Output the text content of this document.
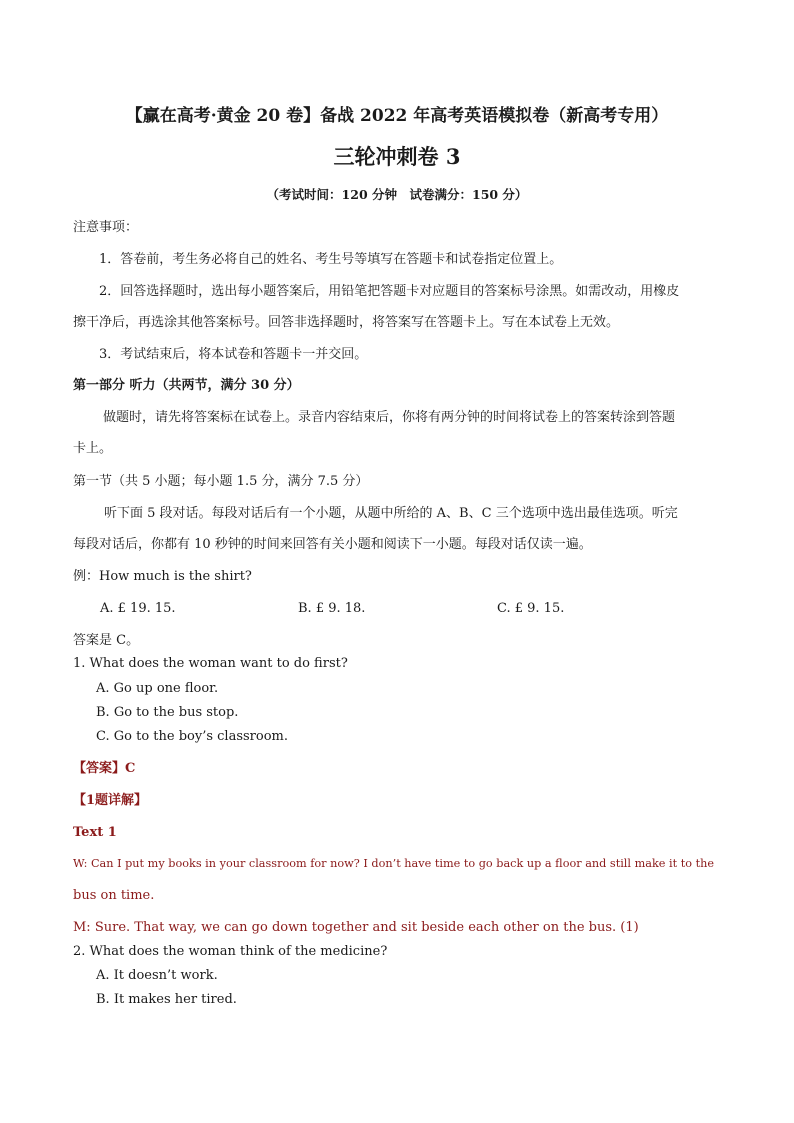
【赢在高考·黄金 20 卷】备战 2022 年高考英语模拟卷（新高考专用）
三轮冲刺卷 3
（考试时间：120 分钟　试卷满分：150 分）
注意事项：
1．答卷前，考生务必将自己的姓名、考生号等填写在答题卡和试卷指定位置上。
2．回答选择题时，选出每小题答案后，用铅笔把答题卡对应题目的答案标号涂黑。如需改动，用橡皮
擦干净后，再选涂其他答案标号。回答非选择题时，将答案写在答题卡上。写在本试卷上无效。
3．考试结束后，将本试卷和答题卡一并交回。
第一部分 听力（共两节，满分 30 分）
做题时，请先将答案标在试卷上。录音内容结束后，你将有两分钟的时间将试卷上的答案转涂到答题
卡上。
第一节（共 5 小题；每小题 1.5 分，满分 7.5 分）
听下面 5 段对话。每段对话后有一个小题，从题中所给的 A、B、C 三个选项中选出最佳选项。听完
每段对话后，你都有 10 秒钟的时间来回答有关小题和阅读下一小题。每段对话仅读一遍。
例：How much is the shirt?
A. £ 19. 15.	B. £ 9. 18.	C. £ 9. 15.
答案是 C。
1. What does the woman want to do first?
A. Go up one floor.
B. Go to the bus stop.
C. Go to the boy’s classroom.
【答案】C
【1题详解】
Text 1
W: Can I put my books in your classroom for now? I don’t have time to go back up a floor and still make it to the
bus on time.
M: Sure. That way, we can go down together and sit beside each other on the bus. (1)
2. What does the woman think of the medicine?
A. It doesn’t work.
B. It makes her tired.
